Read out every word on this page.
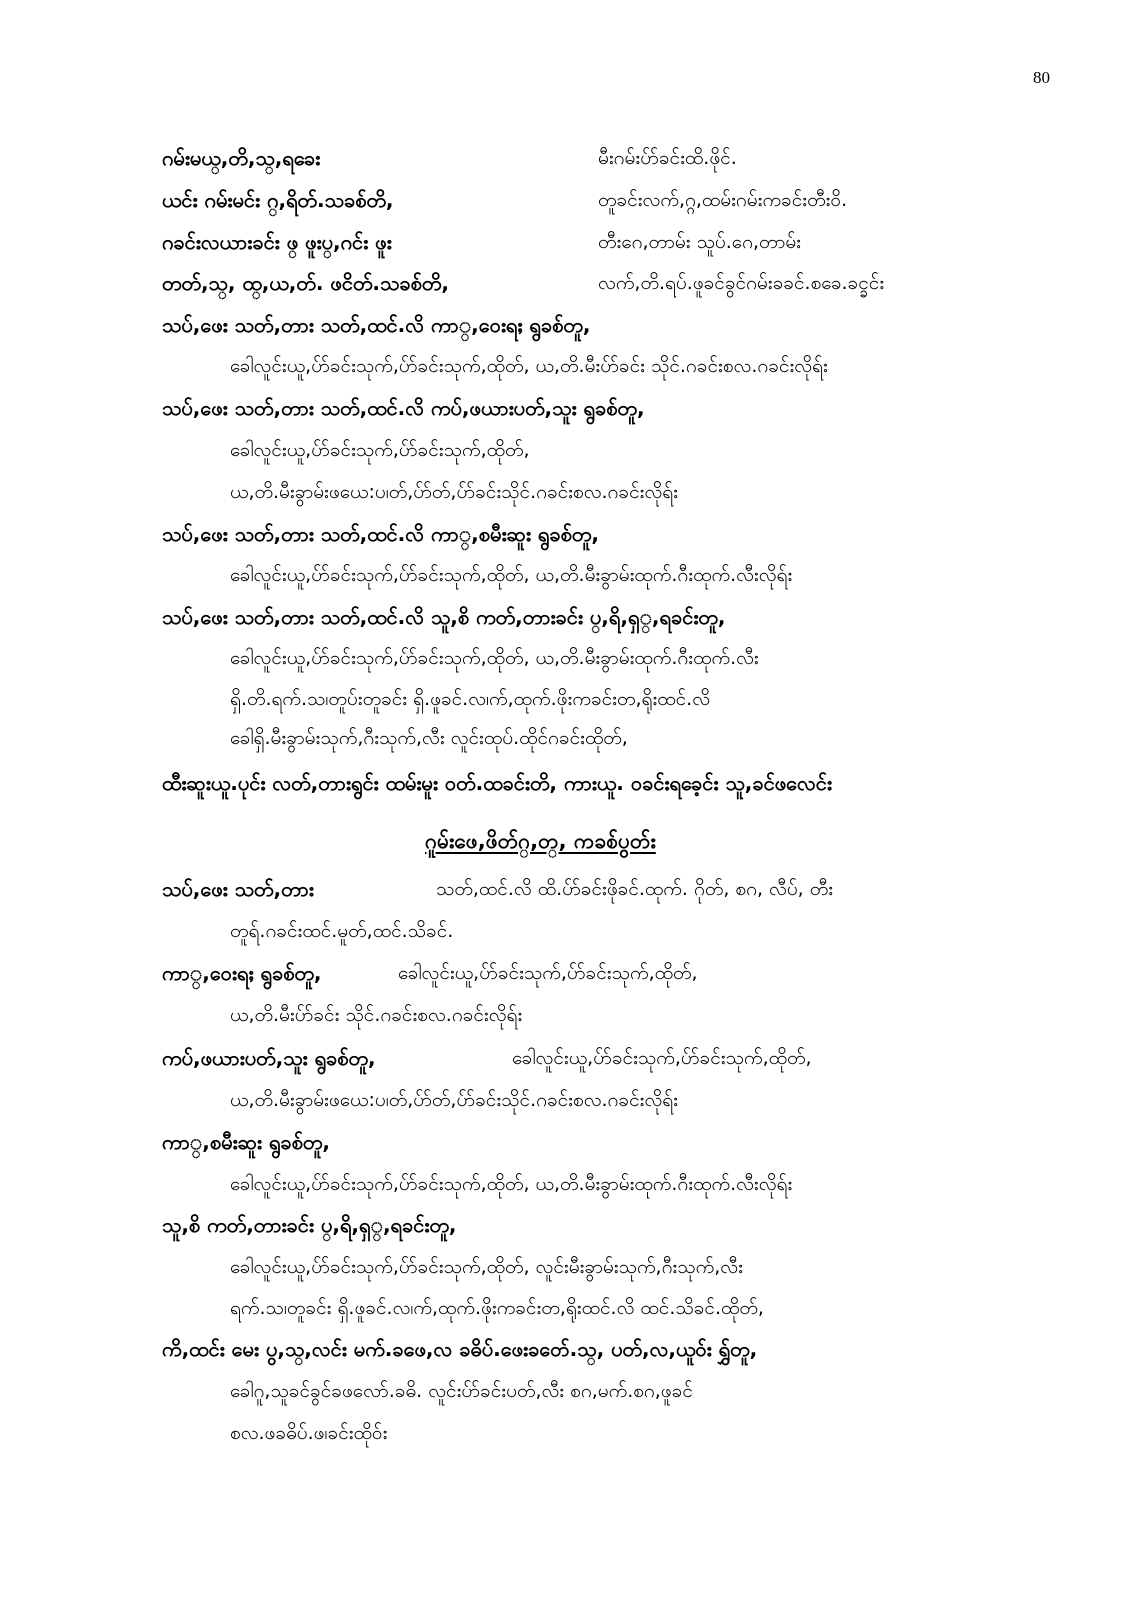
80
ဂမ်းမယ္,တိ,သ္,ရခေး	မီးဂမ်းပ်ာ်ခင်းထိ.ဖိုင်.
ယင်း ဂမ်းမင်း ဂ္,ရိတ်.သခစ်တိ,	တူခင်းလက်,ဂ္ဂ,ထမ်းဂမ်းကခင်းတီးဝိ.
ဂခင်းလယားခင်း ဖ္ ဖူးပ္,ဂင်း ဖူး	တီးဂေ,တာမ်း သူပ်.ဂေ,တာမ်း
တတ်,သ္, ထ္,ယ,တ်. ဖငိတ်.သခစ်တိ,	လက်,တိ.ရပ်.ဖူခင်ခွင်ဂမ်းခခင်.စခေ.ခင္ခင်း
သပ်,ဖေး သတ်,တား သတ်,ထင်.လိ ကာ္,ဝေးရႈ ရွခစ်တူ,
ခေါလူင်းယူ,ပ်ာ်ခင်းသုက်,ပ်ာ်ခင်းသုက်,ထိုတ်, ယ,တိ.မီးပ်ာ်ခင်း သိုင်.ဂခင်းစလ.ဂခင်းလိုရ်း
သပ်,ဖေး သတ်,တား သတ်,ထင်.လိ ကပ်,ဖယားပတ်,သူး ရွခစ်တူ,
ခေါလူင်းယူ,ပ်ာ်ခင်းသုက်,ပ်ာ်ခင်းသုက်,ထိုတ်,
ယ,တိ.မီးခွာမ်းဖယေ:ပ၊တ်,ပ်ာ်တ်,ပ်ာ်ခင်းသိုင်.ဂခင်းစလ.ဂခင်းလိုရ်း
သပ်,ဖေး သတ်,တား သတ်,ထင်.လိ ကာ္,စမီးဆူး ရွခစ်တူ,
ခေါလူင်းယူ,ပ်ာ်ခင်းသုက်,ပ်ာ်ခင်းသုက်,ထိုတ်, ယ,တိ.မီးခွာမ်းထုက်.ဂီးထုက်.လီးလိုရ်း
သပ်,ဖေး သတ်,တား သတ်,ထင်.လိ သူ,စိ ကတ်,တားခင်း ပ္,ရိ,ရှ္,ရခင်းတူ,
ခေါလူင်းယူ,ပ်ာ်ခင်းသုက်,ပ်ာ်ခင်းသုက်,ထိုတ်, ယ,တိ.မီးခွာမ်းထုက်.ဂီးထုက်.လီး
ရှိ.တိ.ရက်.သ၊တူပ်းတူခင်း ရှိ.ဖူခင်.လ၊က်,ထုက်.ဖိုးကခင်းတ,ရိုးထင်.လိ
ခေါရှိ.မီးခွာမ်းသုက်,ဂီးသုက်,လီး လူင်းထုပ်.ထိုင်ဂခင်းထိုတ်,
ထီးဆူးယူ.ပုင်း လတ်,တားရွင်း ထမ်းမူး ဝတ်.ထခင်းတိ, ကားယူ. ဝခင်းရခေ့င်း သူ,ခင်ဖလေင်း
ဂူမ်းဖေ,ဖိတ်ဂ္,တ္, ကခစ်ပွတ်း
သပ်,ဖေး သတ်,တား	သတ်,ထင်.လိ ထိ.ပ်ာ်ခင်းဖိုခင်.ထုက်. ဂိုတ်, စဂ, လီပ်, တီး
တူရ်.ဂခင်းထင်.မူတ်,ထင်.သိခင်.
ကာ္,ဝေးရႈ ရွခစ်တူ,	ခေါလူင်းယူ,ပ်ာ်ခင်းသုက်,ပ်ာ်ခင်းသုက်,ထိုတ်,
ယ,တိ.မီးပ်ာ်ခင်း သိုင်.ဂခင်းစလ.ဂခင်းလိုရ်း
ကပ်,ဖယားပတ်,သူး ရွခစ်တူ,	ခေါလူင်းယူ,ပ်ာ်ခင်းသုက်,ပ်ာ်ခင်းသုက်,ထိုတ်,
ယ,တိ.မီးခွာမ်းဖယေ:ပ၊တ်,ပ်ာ်တ်,ပ်ာ်ခင်းသိုင်.ဂခင်းစလ.ဂခင်းလိုရ်း
ကာ္,စမီးဆူး ရွခစ်တူ,
ခေါလူင်းယူ,ပ်ာ်ခင်းသုက်,ပ်ာ်ခင်းသုက်,ထိုတ်, ယ,တိ.မီးခွာမ်းထုက်.ဂီးထုက်.လီးလိုရ်း
သူ,စိ ကတ်,တားခင်း ပ္,ရိ,ရှ္,ရခင်းတူ,
ခေါလူင်းယူ,ပ်ာ်ခင်းသုက်,ပ်ာ်ခင်းသုက်,ထိုတ်, လူင်းမီးခွာမ်းသုက်,ဂီးသုက်,လီး
ရက်.သ၊တူခင်း ရှိ.ဖူခင်.လ၊က်,ထုက်.ဖိုးကခင်းတ,ရိုးထင်.လိ ထင်.သိခင်.ထိုတ်,
ကိ,ထင်း မေး ပွ,သ္,လင်း မက်.ခဖေ,လ ခဓိပ်.ဖေးခဝော်.သ္, ပတ်,လ,ယူဝ်း ရွှ်တူ,
ခေါဂူ,သူခင်ခွင်ခဖလော်.ခဓိ. လူင်းပ်ာ်ခင်းပတ်,လီး စဂ,မက်.စဂ,ဖူခင်
စလ.ဖခဓိပ်.ဖ၊ခင်းထိုဝ်း
